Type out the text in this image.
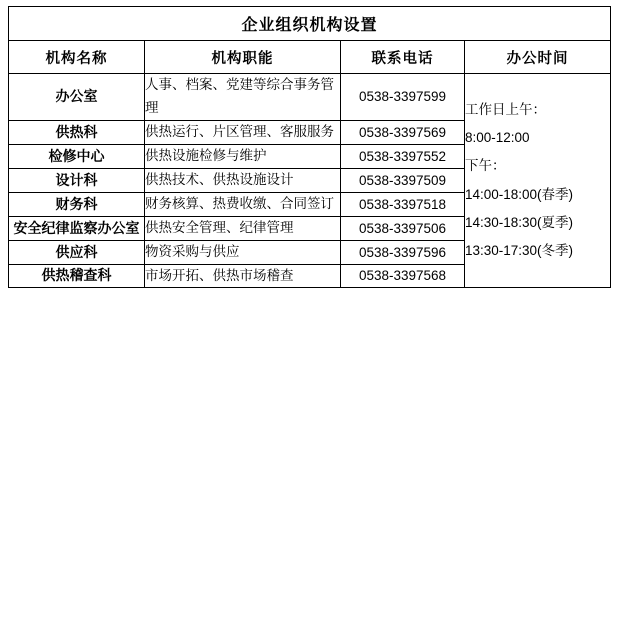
企业组织机构设置			
机构名称	机构职能	联系电话	办公时间
办公室	人事、档案、党建等综合事务管理	0538-3397599	
工作日上午：
8:00-12:00
下午：
14:00-18:00(春季)
14:30-18:30(夏季)
13:30-17:30(冬季)

供热科	供热运行、片区管理、客服服务	0538-3397569	
检修中心	供热设施检修与维护	0538-3397552	
设计科	供热技术、供热设施设计	0538-3397509	
财务科	财务核算、热费收缴、合同签订	0538-3397518	
安全纪律监察办公室	供热安全管理、纪律管理	0538-3397506	
供应科	物资采购与供应	0538-3397596	
供热稽查科	市场开拓、供热市场稽查	0538-3397568	
